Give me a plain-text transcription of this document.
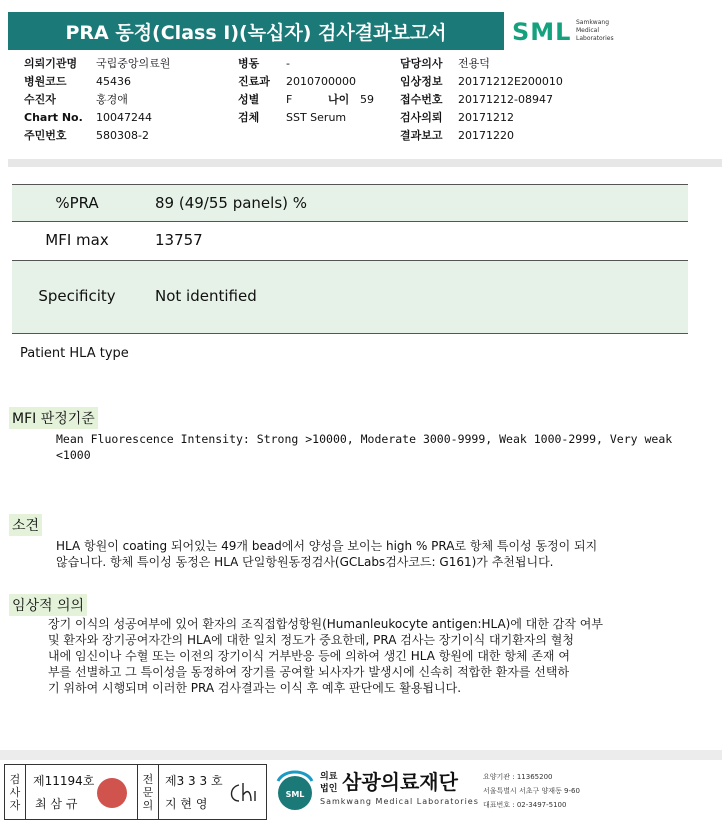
PRA 동정(Class I)(녹십자) 검사결과보고서	SML Samkwang
Medical
Laboratories
의뢰기관명 국립중앙의료원
병원코드	45436
수진자	홍경애
Chart No. 10047244
주민번호	580308-2
병동 -
진료과 2010700000
성별 F	나이 59
검체 SST Serum
담당의사 전용덕
임상정보 20171212E200010
접수번호 20171212-08947
검사의뢰 20171212
결과보고 20171220
%PRA	89 (49/55 panels) %
MFI max	13757
Specificity	Not identified
Patient HLA type
MFI 판정기준
Mean Fluorescence Intensity: Strong >10000, Moderate 3000-9999, Weak 1000-2999, Very weak
<1000
소견
HLA 항원이 coating 되어있는 49개 bead에서 양성을 보이는 high % PRA로 항체 특이성 동정이 되지
않습니다. 항체 특이성 동정은 HLA 단일항원동정검사(GCLabs검사코드: G161)가 추천됩니다.
임상적 의의
장기 이식의 성공여부에 있어 환자의 조직접합성항원(Humanleukocyte antigen:HLA)에 대한 감작 여부
및 환자와 장기공여자간의 HLA에 대한 일치 정도가 중요한데, PRA 검사는 장기이식 대기환자의 혈청
내에 임신이나 수혈 또는 이전의 장기이식 거부반응 등에 의하여 생긴 HLA 항원에 대한 항체 존재 여
부를 선별하고 그 특이성을 동정하여 장기를 공여할 뇌사자가 발생시에 신속히 적합한 환자를 선택하
기 위하여 시행되며 이러한 PRA 검사결과는 이식 후 예후 판단에도 활용됩니다.
검
사
자
제11194호
최 삼 규
전
문
의
제3 3 3 호
지 현 영
SML
의료
법인 삼광의료재단
Samkwang Medical Laboratories
요양기관 : 11365200
서울특별시 서초구 양재동 9-60
대표번호 : 02-3497-5100
